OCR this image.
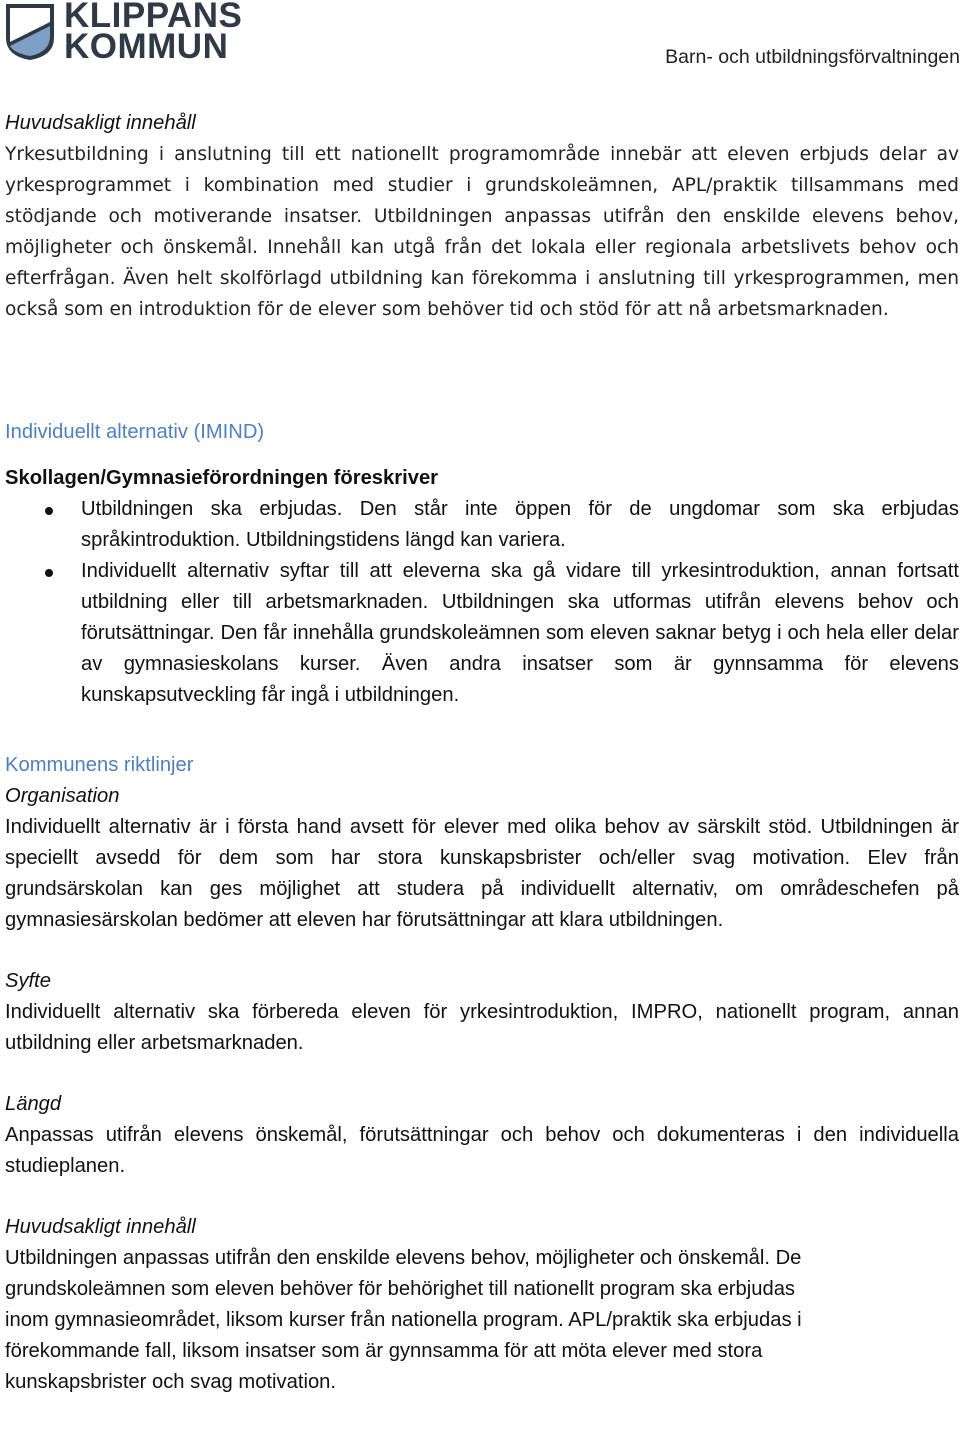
KLIPPANS
KOMMUN	Barn- och utbildningsförvaltningen

Huvudsakligt innehåll

Yrkesutbildning i anslutning till ett nationellt programområde innebär att eleven erbjuds delar av yrkesprogrammet i kombination med studier i grundskoleämnen, APL/praktik tillsammans med stödjande och motiverande insatser. Utbildningen anpassas utifrån den enskilde elevens behov, möjligheter och önskemål. Innehåll kan utgå från det lokala eller regionala arbetslivets behov och efterfrågan. Även helt skolförlagd utbildning kan förekomma i anslutning till yrkesprogrammen, men också som en introduktion för de elever som behöver tid och stöd för att nå arbetsmarknaden.

Individuellt alternativ (IMIND)

Skollagen/Gymnasieförordningen föreskriver

Utbildningen ska erbjudas. Den står inte öppen för de ungdomar som ska erbjudas språkintroduktion. Utbildningstidens längd kan variera.
Individuellt alternativ syftar till att eleverna ska gå vidare till yrkesintroduktion, annan fortsatt utbildning eller till arbetsmarknaden. Utbildningen ska utformas utifrån elevens behov och förutsättningar. Den får innehålla grundskoleämnen som eleven saknar betyg i och hela eller delar av gymnasieskolans kurser. Även andra insatser som är gynnsamma för elevens kunskapsutveckling får ingå i utbildningen.

Kommunens riktlinjer

Organisation

Individuellt alternativ är i första hand avsett för elever med olika behov av särskilt stöd. Utbildningen är speciellt avsedd för dem som har stora kunskapsbrister och/eller svag motivation. Elev från grundsärskolan kan ges möjlighet att studera på individuellt alternativ, om områdeschefen på gymnasiesärskolan bedömer att eleven har förutsättningar att klara utbildningen.

Syfte

Individuellt alternativ ska förbereda eleven för yrkesintroduktion, IMPRO, nationellt program, annan utbildning eller arbetsmarknaden.

Längd

Anpassas utifrån elevens önskemål, förutsättningar och behov och dokumenteras i den individuella studieplanen.

Huvudsakligt innehåll

Utbildningen anpassas utifrån den enskilde elevens behov, möjligheter och önskemål. De
grundskoleämnen som eleven behöver för behörighet till nationellt program ska erbjudas
inom gymnasieområdet, liksom kurser från nationella program. APL/praktik ska erbjudas i
förekommande fall, liksom insatser som är gynnsamma för att möta elever med stora
kunskapsbrister och svag motivation.
